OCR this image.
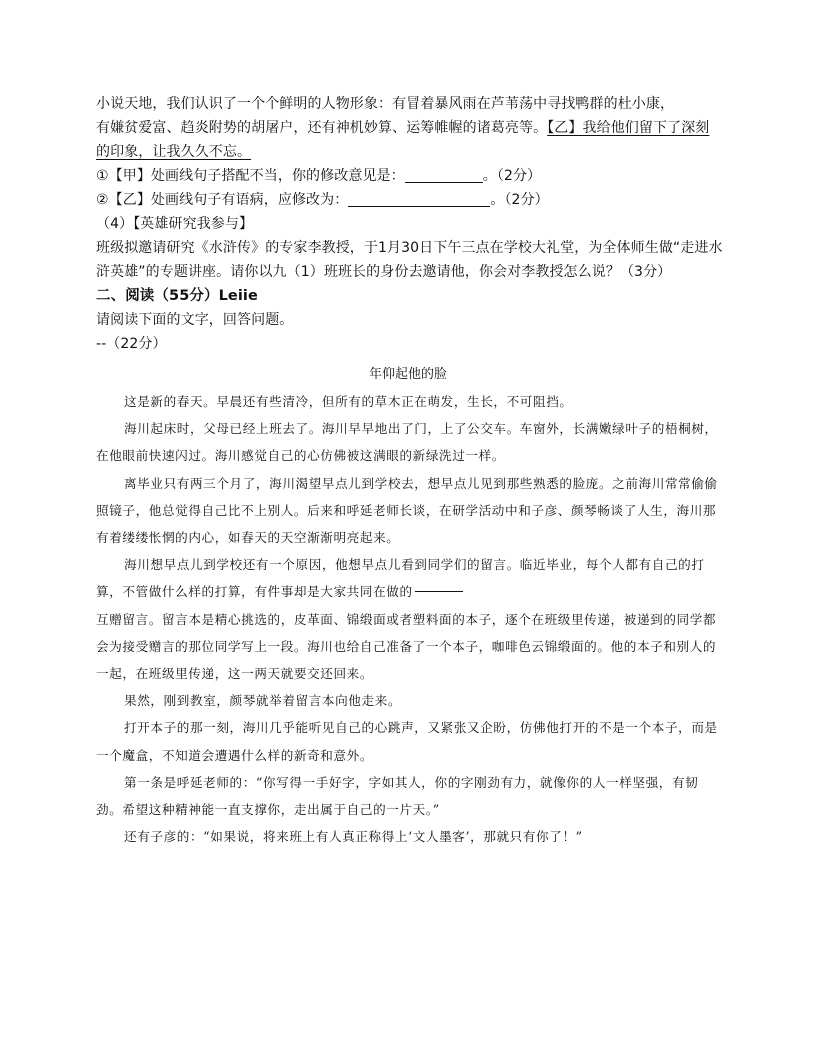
小说天地，我们认识了一个个鲜明的人物形象：有冒着暴风雨在芦苇荡中寻找鸭群的杜小康，
有嫌贫爱富、趋炎附势的胡屠户，还有神机妙算、运筹帷幄的诸葛亮等。【乙】我给他们留下了深刻
的印象，让我久久不忘。
①【甲】处画线句子搭配不当，你的修改意见是：	。（2分）
②【乙】处画线句子有语病，应修改为：	。（2分）
（4）【英雄研究我参与】
班级拟邀请研究《水浒传》的专家李教授，于1月30日下午三点在学校大礼堂，为全体师生做“走进水
浒英雄”的专题讲座。请你以九（1）班班长的身份去邀请他，你会对李教授怎么说？（3分）
二、阅读（55分）Leiie
请阅读下面的文字，回答问题。
--（22分）
年仰起他的脸

这是新的春天。早晨还有些清冷，但所有的草木正在萌发，生长，不可阻挡。

海川起床时，父母已经上班去了。海川早早地出了门，上了公交车。车窗外，长满嫩绿叶子的梧桐树，在他眼前快速闪过。海川感觉自己的心仿佛被这满眼的新绿洗过一样。

离毕业只有两三个月了，海川渴望早点儿到学校去，想早点儿见到那些熟悉的脸庞。之前海川常常偷偷照镜子，他总觉得自己比不上别人。后来和呼延老师长谈，在研学活动中和子彦、颜琴畅谈了人生，海川那有着缕缕怅惘的内心，如春天的天空渐渐明亮起来。

海川想早点儿到学校还有一个原因，他想早点儿看到同学们的留言。临近毕业，每个人都有自己的打算，不管做什么样的打算，有件事却是大家共同在做的

互赠留言。留言本是精心挑选的，皮革面、锦缎面或者塑料面的本子，逐个在班级里传递，被递到的同学都会为接受赠言的那位同学写上一段。海川也给自己准备了一个本子，咖啡色云锦缎面的。他的本子和别人的一起，在班级里传递，这一两天就要交还回来。

果然，刚到教室，颜琴就举着留言本向他走来。

打开本子的那一刻，海川几乎能听见自己的心跳声，又紧张又企盼，仿佛他打开的不是一个本子，而是一个魔盒，不知道会遭遇什么样的新奇和意外。

第一条是呼延老师的：“你写得一手好字，字如其人，你的字刚劲有力，就像你的人一样坚强，有韧劲。希望这种精神能一直支撑你，走出属于自己的一片天。”

还有子彦的：“如果说，将来班上有人真正称得上‘文人墨客’，那就只有你了！”
